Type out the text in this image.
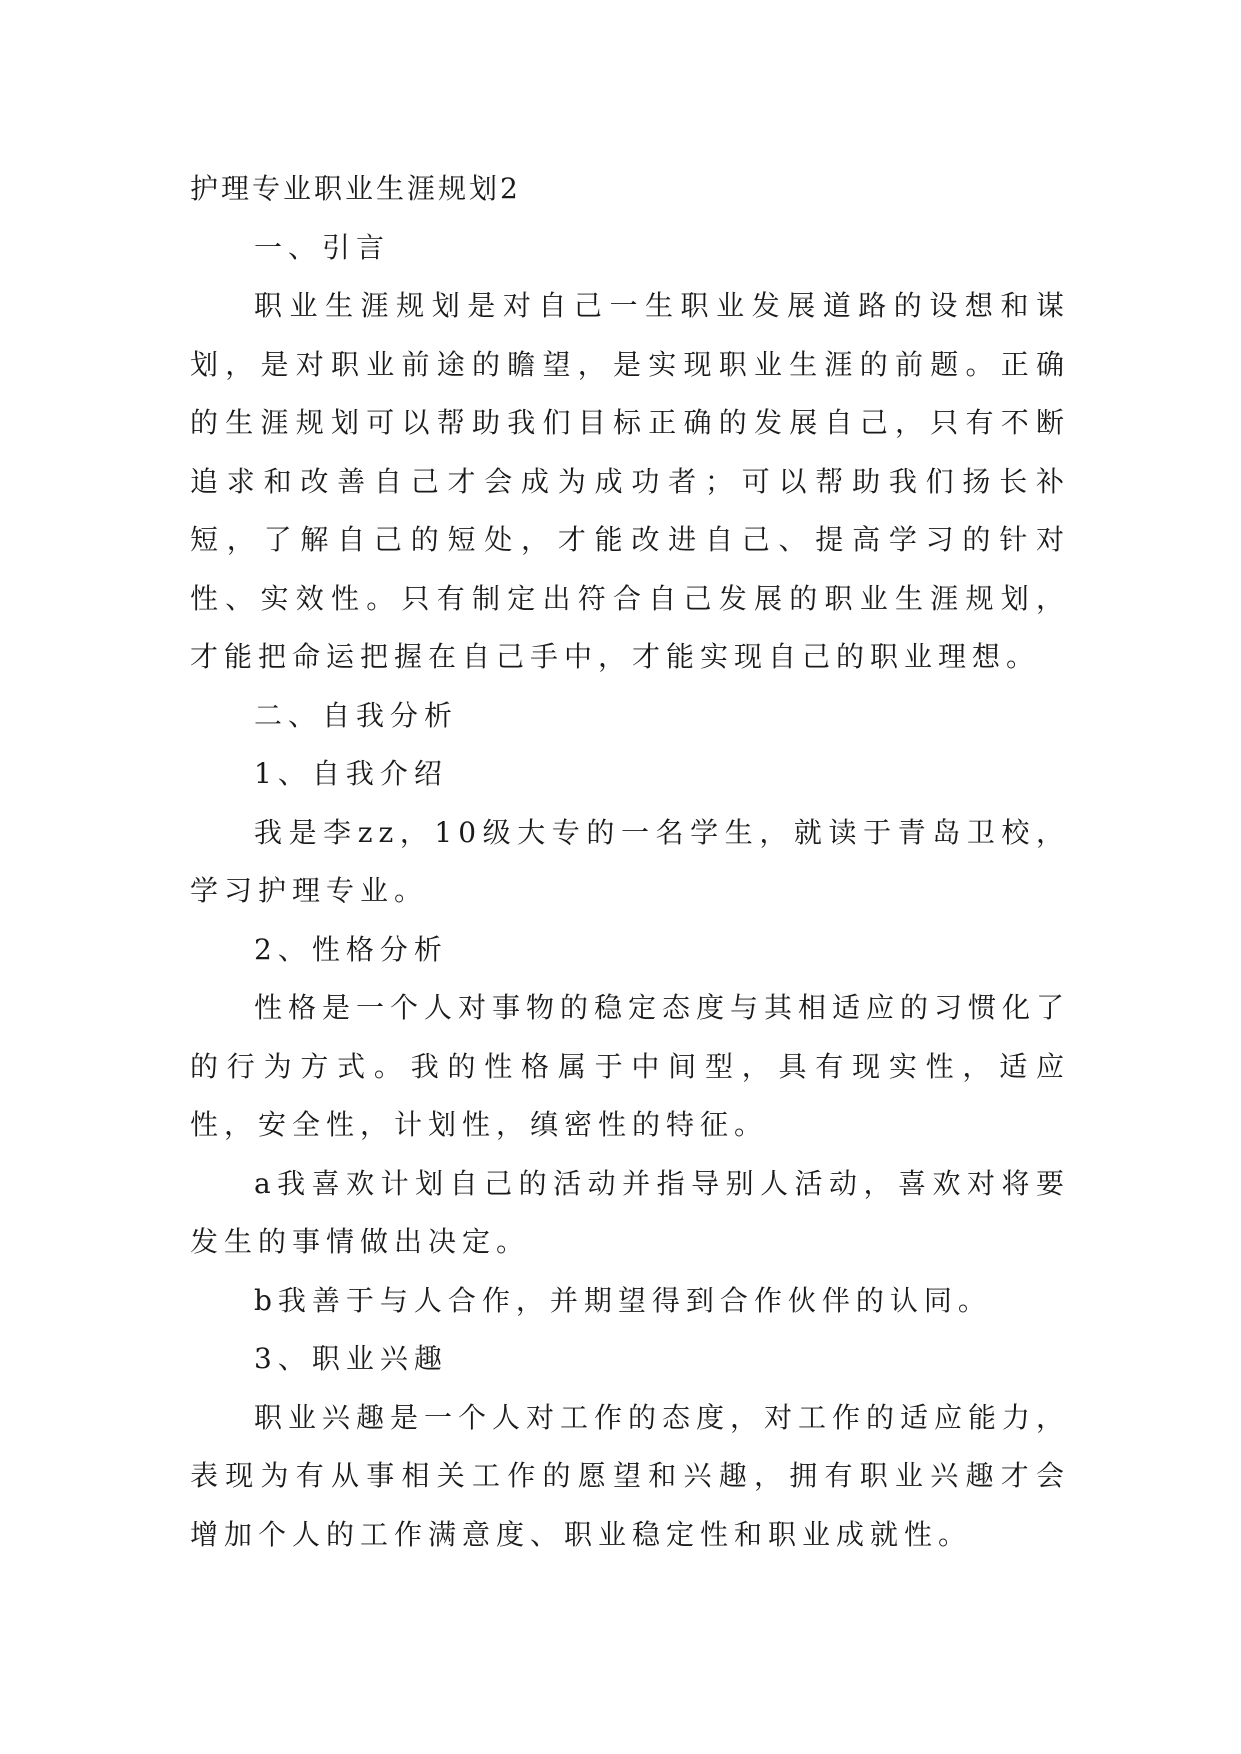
护理专业职业生涯规划2

一、引言

职业生涯规划是对自己一生职业发展道路的设想和谋划，是对职业前途的瞻望，是实现职业生涯的前题。正确的生涯规划可以帮助我们目标正确的发展自己，只有不断追求和改善自己才会成为成功者；可以帮助我们扬长补短，了解自己的短处，才能改进自己、提高学习的针对性、实效性。只有制定出符合自己发展的职业生涯规划，才能把命运把握在自己手中，才能实现自己的职业理想。

二、自我分析

1、自我介绍

我是李zz，10级大专的一名学生，就读于青岛卫校，学习护理专业。

2、性格分析

性格是一个人对事物的稳定态度与其相适应的习惯化了的行为方式。我的性格属于中间型，具有现实性，适应性，安全性，计划性，缜密性的特征。

a我喜欢计划自己的活动并指导别人活动，喜欢对将要发生的事情做出决定。

b我善于与人合作，并期望得到合作伙伴的认同。

3、职业兴趣

职业兴趣是一个人对工作的态度，对工作的适应能力，表现为有从事相关工作的愿望和兴趣，拥有职业兴趣才会增加个人的工作满意度、职业稳定性和职业成就性。
